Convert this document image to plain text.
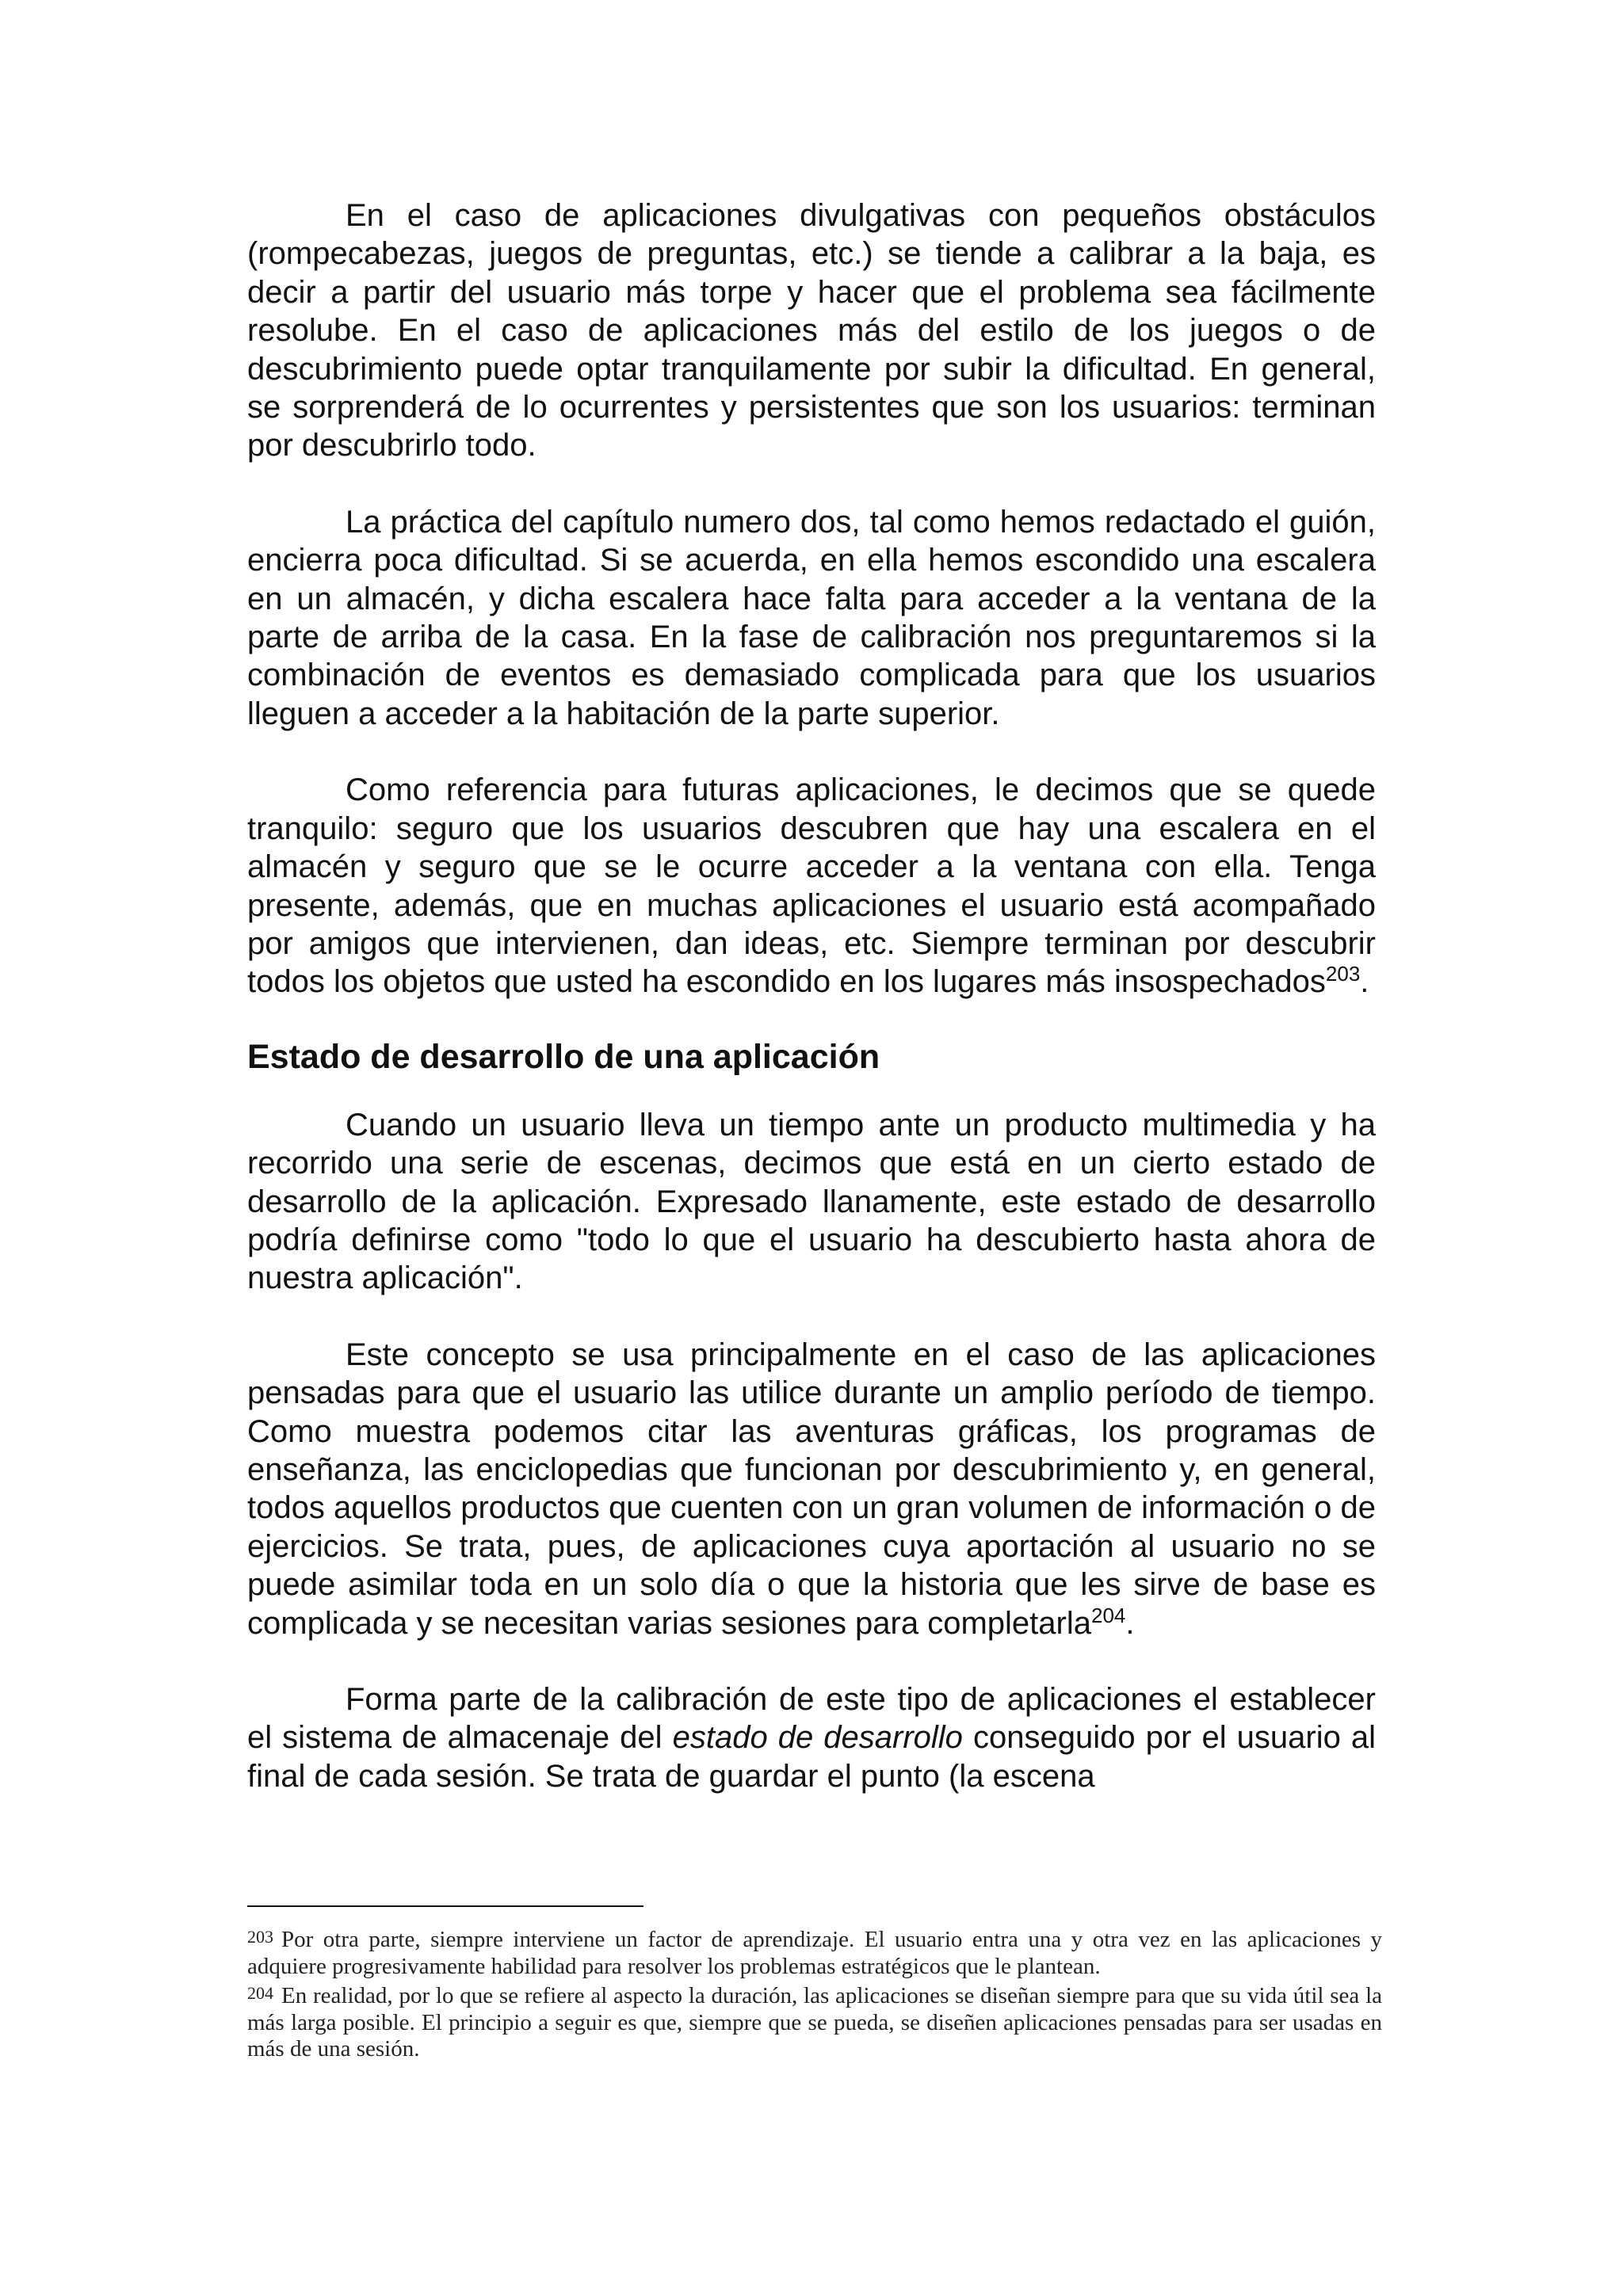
En el caso de aplicaciones divulgativas con pequeños obstáculos (rompecabezas, juegos de preguntas, etc.) se tiende a calibrar a la baja, es decir a partir del usuario más torpe y hacer que el problema sea fácilmente resolube. En el caso de aplicaciones más del estilo de los juegos o de descubrimiento puede optar tranquilamente por subir la dificultad. En general, se sorprenderá de lo ocurrentes y persistentes que son los usuarios: terminan por descubrirlo todo.

La práctica del capítulo numero dos, tal como hemos redactado el guión, encierra poca dificultad. Si se acuerda, en ella hemos escondido una escalera en un almacén, y dicha escalera hace falta para acceder a la ventana de la parte de arriba de la casa. En la fase de calibración nos preguntaremos si la combinación de eventos es demasiado complicada para que los usuarios lleguen a acceder a la habitación de la parte superior.

Como referencia para futuras aplicaciones, le decimos que se quede tranquilo: seguro que los usuarios descubren que hay una escalera en el almacén y seguro que se le ocurre acceder a la ventana con ella. Tenga presente, además, que en muchas aplicaciones el usuario está acompañado por amigos que intervienen, dan ideas, etc. Siempre terminan por descubrir todos los objetos que usted ha escondido en los lugares más insospechados$^{203}$.

Estado de desarrollo de una aplicación

Cuando un usuario lleva un tiempo ante un producto multimedia y ha recorrido una serie de escenas, decimos que está en un cierto estado de desarrollo de la aplicación. Expresado llanamente, este estado de desarrollo podría definirse como "todo lo que el usuario ha descubierto hasta ahora de nuestra aplicación".

Este concepto se usa principalmente en el caso de las aplicaciones pensadas para que el usuario las utilice durante un amplio período de tiempo. Como muestra podemos citar las aventuras gráficas, los programas de enseñanza, las enciclopedias que funcionan por descubrimiento y, en general, todos aquellos productos que cuenten con un gran volumen de información o de ejercicios. Se trata, pues, de aplicaciones cuya aportación al usuario no se puede asimilar toda en un solo día o que la historia que les sirve de base es complicada y se necesitan varias sesiones para completarla$^{204}$.

Forma parte de la calibración de este tipo de aplicaciones el establecer el sistema de almacenaje del estado de desarrollo conseguido por el usuario al final de cada sesión. Se trata de guardar el punto (la escena

203 Por otra parte, siempre interviene un factor de aprendizaje. El usuario entra una y otra vez en las aplicaciones y adquiere progresivamente habilidad para resolver los problemas estratégicos que le plantean.

204 En realidad, por lo que se refiere al aspecto la duración, las aplicaciones se diseñan siempre para que su vida útil sea la más larga posible. El principio a seguir es que, siempre que se pueda, se diseñen aplicaciones pensadas para ser usadas en más de una sesión.
